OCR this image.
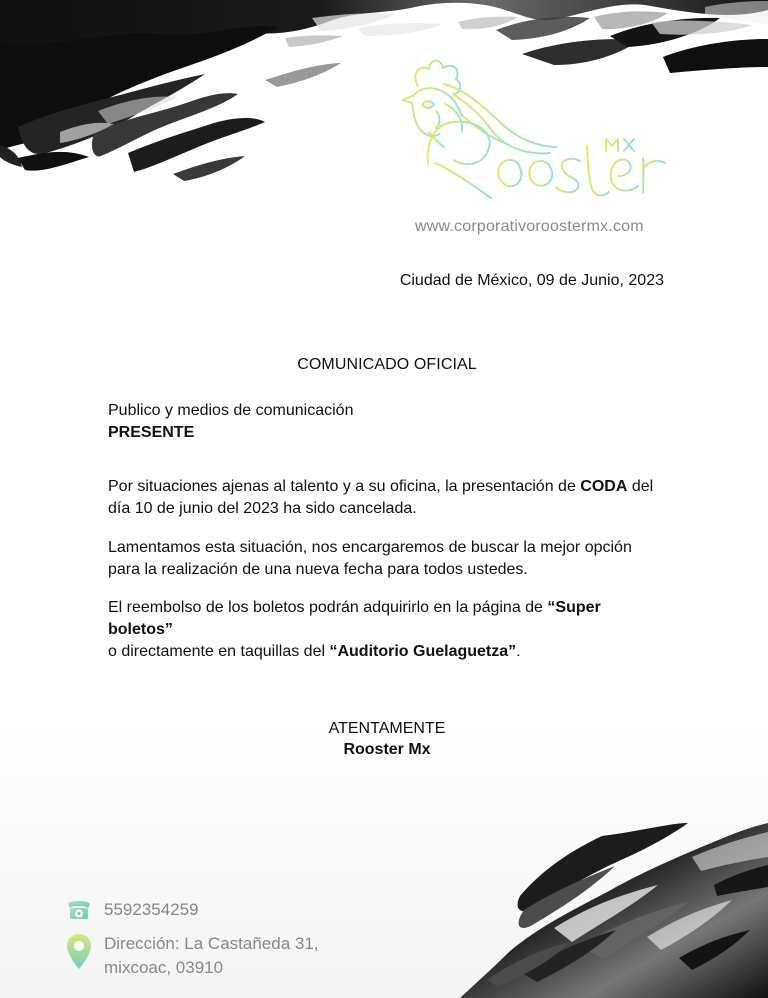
www.corporativoroostermx.com
Ciudad de México, 09 de Junio, 2023
COMUNICADO OFICIAL
Publico y medios de comunicación
PRESENTE
Por situaciones ajenas al talento y a su oficina, la presentación de CODA del día 10 de junio del 2023 ha sido cancelada.
Lamentamos esta situación, nos encargaremos de buscar la mejor opción para la realización de una nueva fecha para todos ustedes.
El reembolso de los boletos podrán adquirirlo en la página de “Super boletos”
o directamente en taquillas del “Auditorio Guelaguetza”.
ATENTAMENTE
Rooster Mx
5592354259
Dirección: La Castañeda 31,
mixcoac, 03910
